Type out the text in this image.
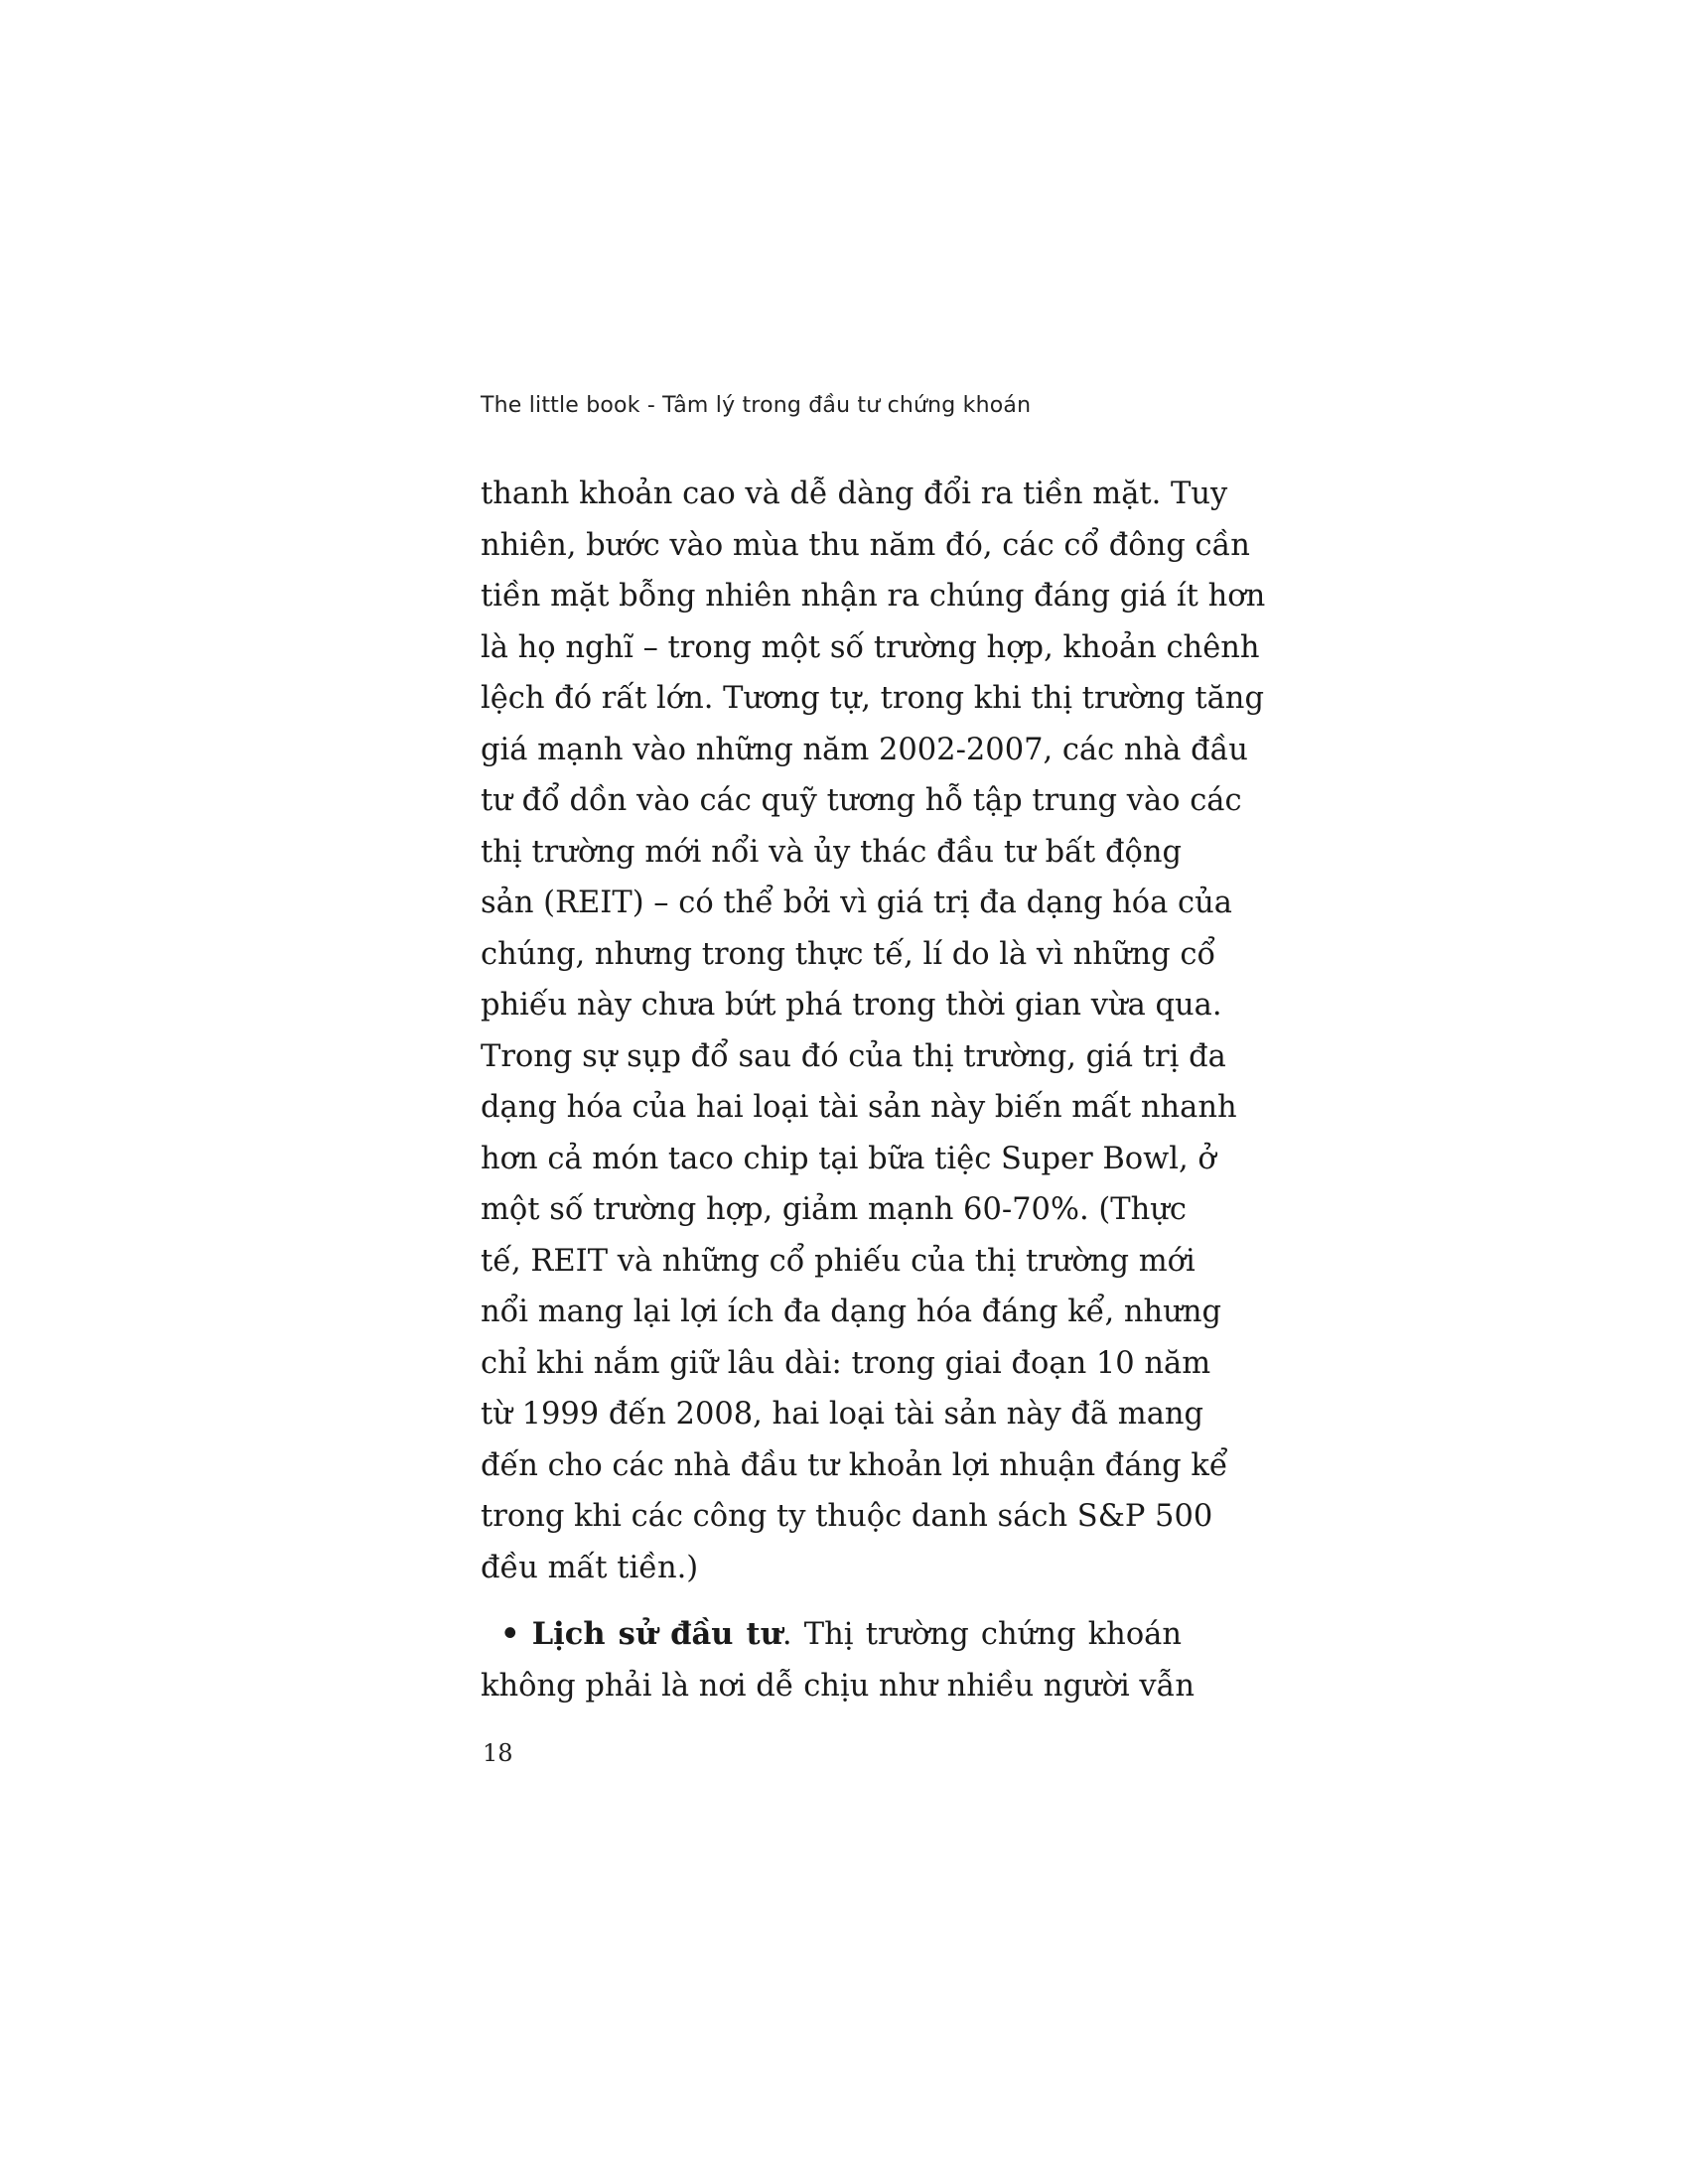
The little book - Tâm lý trong đầu tư chứng khoán
thanh khoản cao và dễ dàng đổi ra tiền mặt. Tuy
nhiên, bước vào mùa thu năm đó, các cổ đông cần
tiền mặt bỗng nhiên nhận ra chúng đáng giá ít hơn
là họ nghĩ – trong một số trường hợp, khoản chênh
lệch đó rất lớn. Tương tự, trong khi thị trường tăng
giá mạnh vào những năm 2002-2007, các nhà đầu
tư đổ dồn vào các quỹ tương hỗ tập trung vào các
thị trường mới nổi và ủy thác đầu tư bất động
sản (REIT) – có thể bởi vì giá trị đa dạng hóa của
chúng, nhưng trong thực tế, lí do là vì những cổ
phiếu này chưa bứt phá trong thời gian vừa qua.
Trong sự sụp đổ sau đó của thị trường, giá trị đa
dạng hóa của hai loại tài sản này biến mất nhanh
hơn cả món taco chip tại bữa tiệc Super Bowl, ở
một số trường hợp, giảm mạnh 60-70%. (Thực
tế, REIT và những cổ phiếu của thị trường mới
nổi mang lại lợi ích đa dạng hóa đáng kể, nhưng
chỉ khi nắm giữ lâu dài: trong giai đoạn 10 năm
từ 1999 đến 2008, hai loại tài sản này đã mang
đến cho các nhà đầu tư khoản lợi nhuận đáng kể
trong khi các công ty thuộc danh sách S&P 500
đều mất tiền.)
• Lịch sử đầu tư. Thị trường chứng khoán
không phải là nơi dễ chịu như nhiều người vẫn
18
